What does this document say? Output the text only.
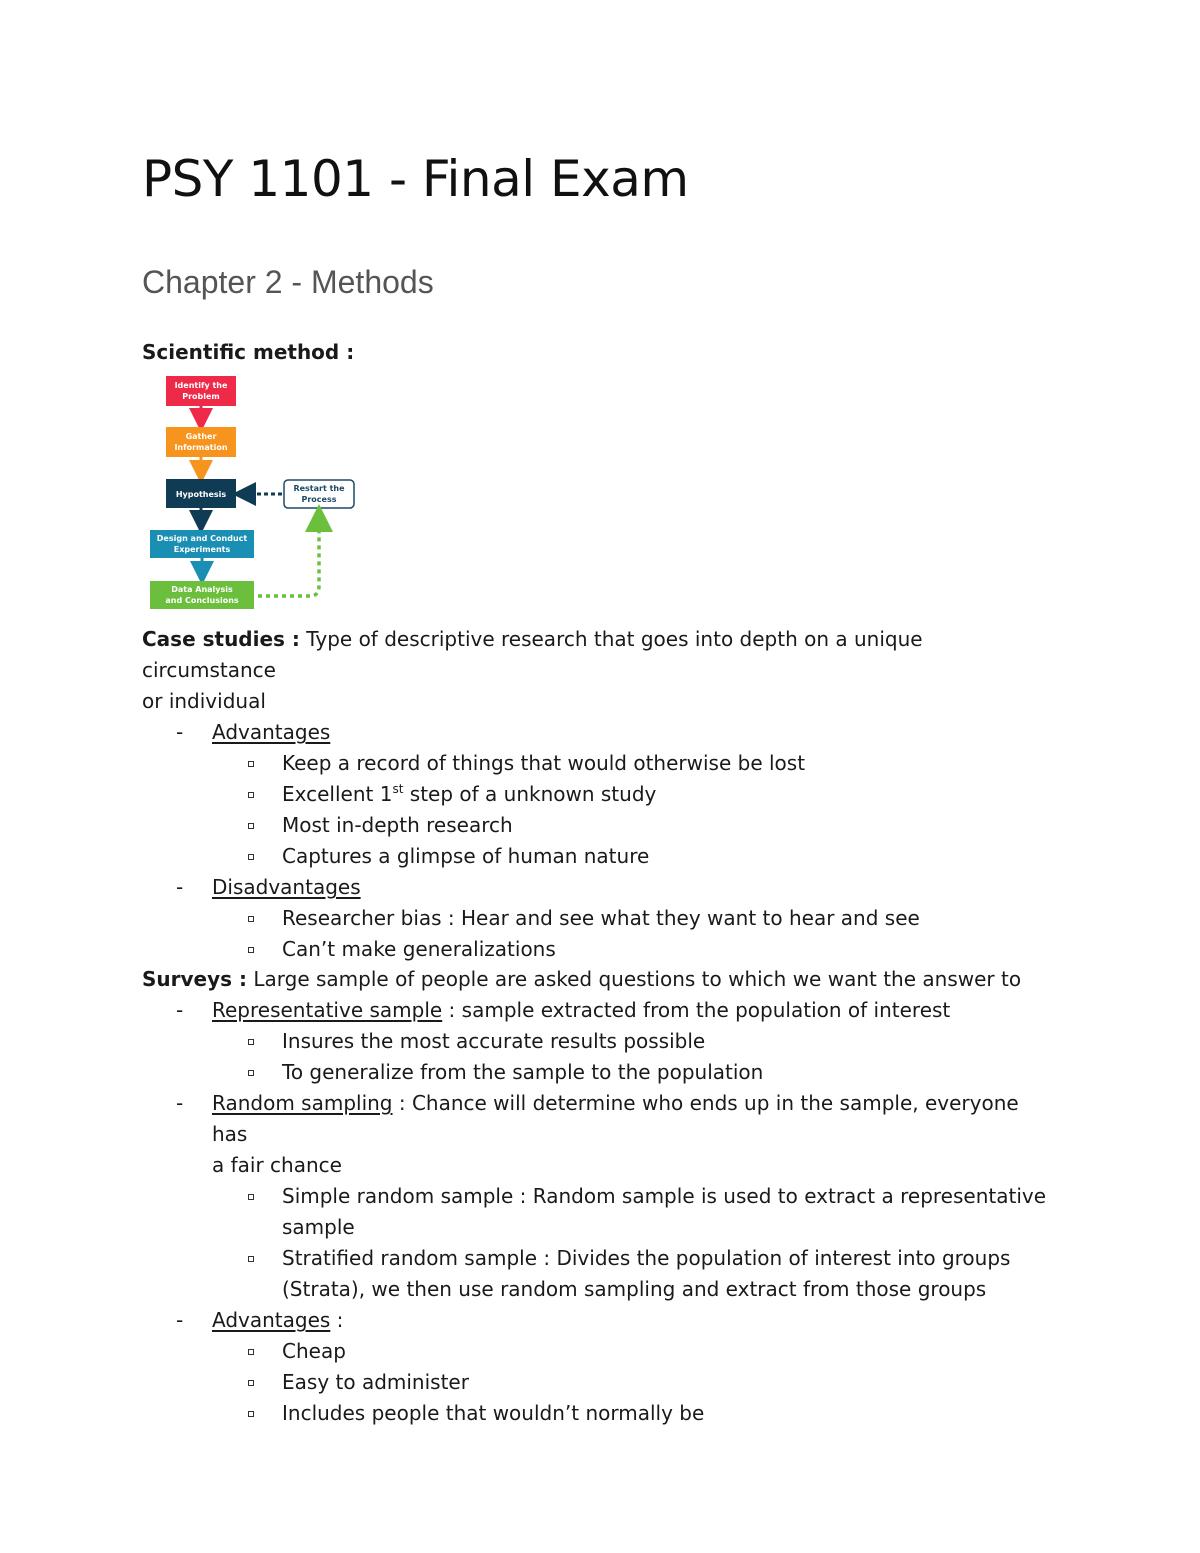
PSY 1101 - Final Exam
Chapter 2 - Methods
Scientific method :
Identify the
Problem
Gather
Information
Hypothesis
Restart the
Process
Design and Conduct
Experiments
Data Analysis
and Conclusions
Case studies : Type of descriptive research that goes into depth on a unique circumstance
or individual
- Advantages
Keep a record of things that would otherwise be lost
Excellent 1st step of a unknown study
Most in-depth research
Captures a glimpse of human nature
- Disadvantages
Researcher bias : Hear and see what they want to hear and see
Can’t make generalizations
Surveys : Large sample of people are asked questions to which we want the answer to
- Representative sample : sample extracted from the population of interest
Insures the most accurate results possible
To generalize from the sample to the population
- Random sampling : Chance will determine who ends up in the sample, everyone has
a fair chance
Simple random sample : Random sample is used to extract a representative
sample
Stratified random sample : Divides the population of interest into groups
(Strata), we then use random sampling and extract from those groups
- Advantages :
Cheap
Easy to administer
Includes people that wouldn’t normally be
